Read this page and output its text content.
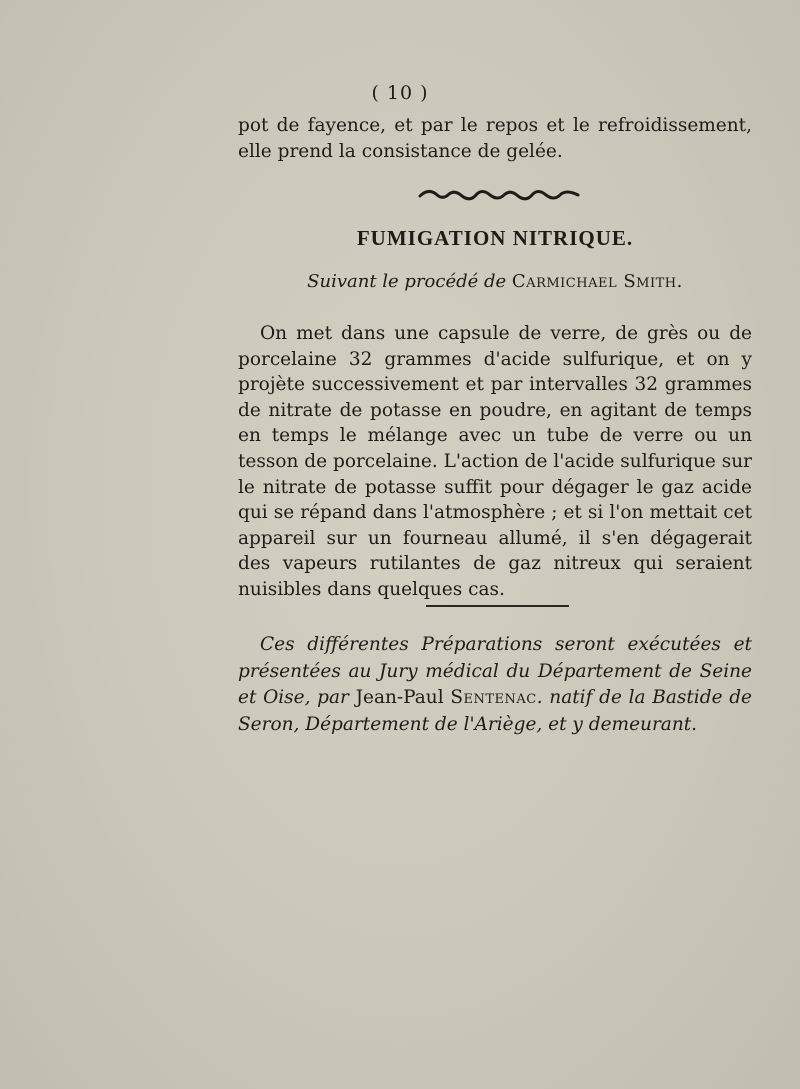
( 10 )
pot de fayence, et par le repos et le refroidissement, elle prend la consistance de gelée.
FUMIGATION NITRIQUE.
Suivant le procédé de Carmichael Smith.
On met dans une capsule de verre, de grès ou de porcelaine 32 grammes d'acide sulfurique, et on y projète successivement et par intervalles 32 grammes de nitrate de potasse en poudre, en agitant de temps en temps le mélange avec un tube de verre ou un tesson de porcelaine. L'action de l'acide sulfurique sur le nitrate de potasse suffit pour dégager le gaz acide qui se répand dans l'atmosphère ; et si l'on mettait cet appareil sur un fourneau allumé, il s'en dégagerait des vapeurs rutilantes de gaz nitreux qui seraient nuisibles dans quelques cas.
Ces différentes Préparations seront exécutées et présentées au Jury médical du Département de Seine et Oise, par Jean-Paul Sentenac. natif de la Bastide de Seron, Département de l'Ariège, et y demeurant.
